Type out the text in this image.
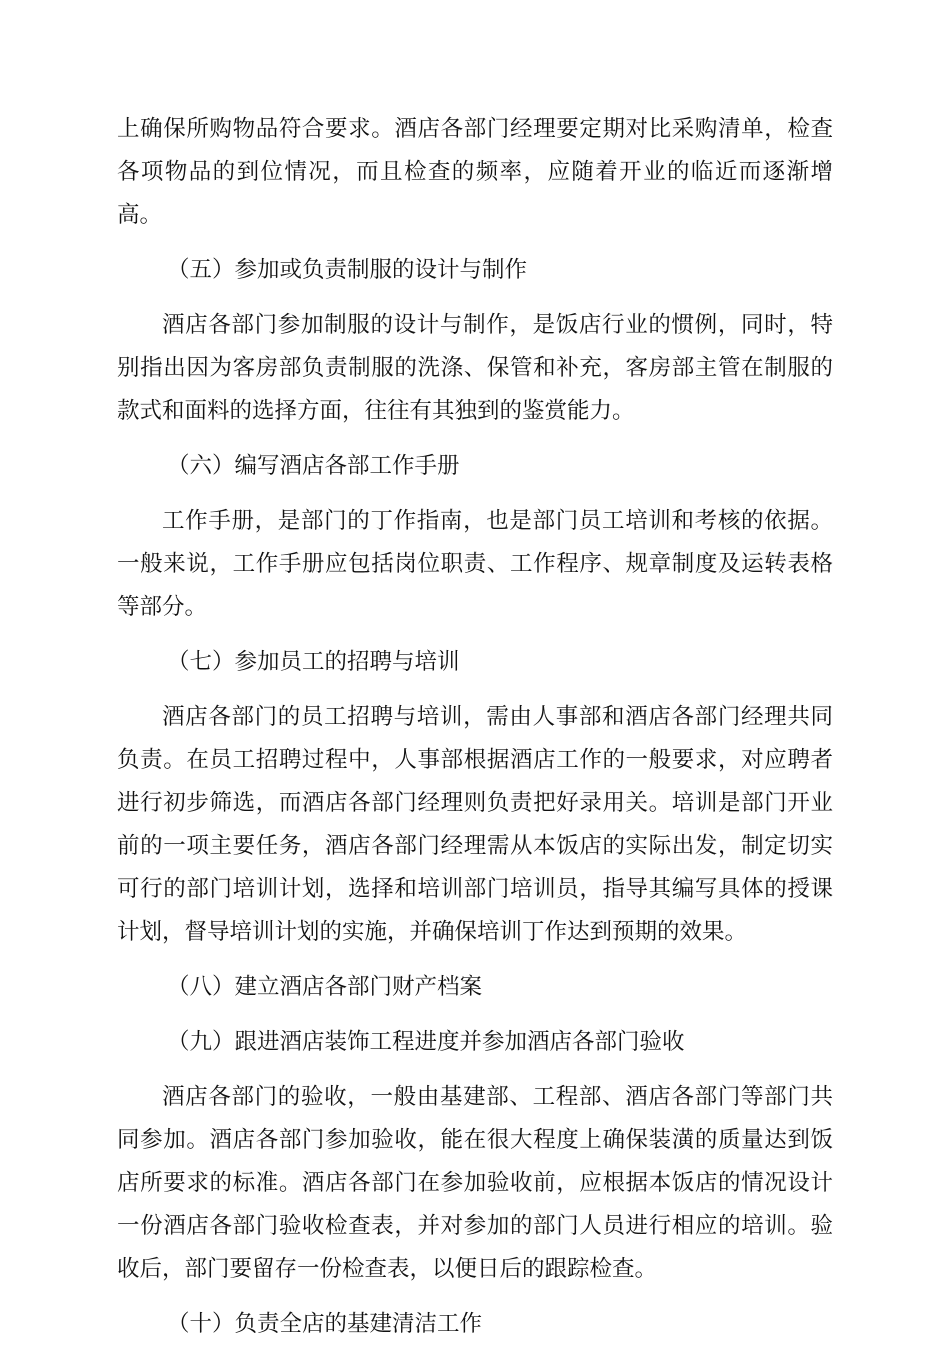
上确保所购物品符合要求。酒店各部门经理要定期对比采购清单，检查各项物品的到位情况，而且检查的频率，应随着开业的临近而逐渐增高。

（五）参加或负责制服的设计与制作

酒店各部门参加制服的设计与制作，是饭店行业的惯例，同时，特别指出因为客房部负责制服的洗涤、保管和补充，客房部主管在制服的款式和面料的选择方面，往往有其独到的鉴赏能力。

（六）编写酒店各部工作手册

工作手册，是部门的丁作指南，也是部门员工培训和考核的依据。一般来说，工作手册应包括岗位职责、工作程序、规章制度及运转表格等部分。

（七）参加员工的招聘与培训

酒店各部门的员工招聘与培训，需由人事部和酒店各部门经理共同负责。在员工招聘过程中，人事部根据酒店工作的一般要求，对应聘者进行初步筛选，而酒店各部门经理则负责把好录用关。培训是部门开业前的一项主要任务，酒店各部门经理需从本饭店的实际出发，制定切实可行的部门培训计划，选择和培训部门培训员，指导其编写具体的授课计划，督导培训计划的实施，并确保培训丁作达到预期的效果。

（八）建立酒店各部门财产档案

（九）跟进酒店装饰工程进度并参加酒店各部门验收

酒店各部门的验收，一般由基建部、工程部、酒店各部门等部门共同参加。酒店各部门参加验收，能在很大程度上确保装潢的质量达到饭店所要求的标准。酒店各部门在参加验收前，应根据本饭店的情况设计一份酒店各部门验收检查表，并对参加的部门人员进行相应的培训。验收后，部门要留存一份检查表，以便日后的跟踪检查。

（十）负责全店的基建清洁工作
